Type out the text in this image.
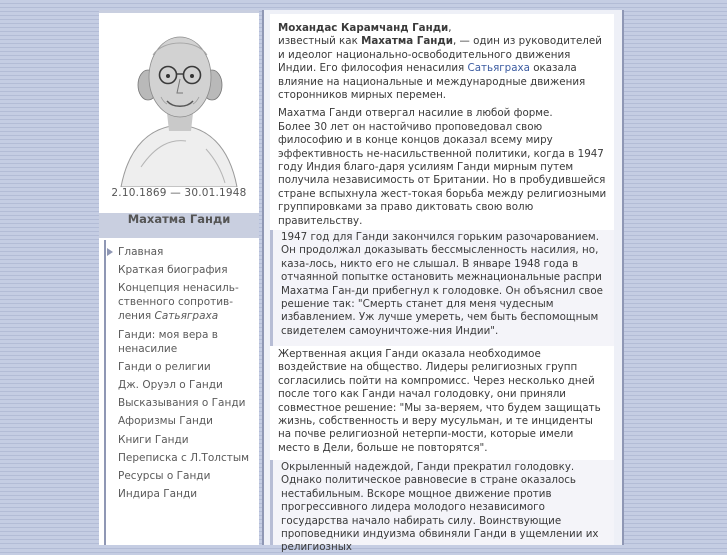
2.10.1869 — 30.01.1948
Махатма Ганди
Главная
Краткая биография
Концепция ненасиль-ственного сопротив-ления Сатьяграха
Ганди: моя вера в ненасилие
Ганди о религии
Дж. Оруэл о Ганди
Высказывания о Ганди
Афоризмы Ганди
Книги Ганди
Переписка с Л.Толстым
Ресурсы о Ганди
Индира Ганди

Мохандас Карамчанд Ганди,
известный как Махатма Ганди, — один из руководителей и идеолог национально-освободительного движения Индии. Его философия ненасилия Сатьяграха оказала влияние на национальные и международные движения сторонников мирных перемен.

Махатма Ганди отвергал насилие в любой форме.

Более 30 лет он настойчиво проповедовал свою философию и в конце концов доказал всему миру эффективность не-насильственной политики, когда в 1947 году Индия благо-даря усилиям Ганди мирным путем получила независимость от Британии. Но в пробудившейся стране вспыхнула жест-токая борьба между религиозными группировками за право диктовать свою волю правительству.

1947 год для Ганди закончился горьким разочарованием. Он продолжал доказывать бессмысленность насилия, но, каза-лось, никто его не слышал. В январе 1948 года в отчаянной попытке остановить межнациональные распри Махатма Ган-ди прибегнул к голодовке. Он объяснил свое решение так: "Смерть станет для меня чудесным избавлением. Уж лучше умереть, чем быть беспомощным свидетелем самоуничтоже-ния Индии".

Жертвенная акция Ганди оказала необходимое воздействие на общество. Лидеры религиозных групп согласились пойти на компромисс. Через несколько дней после того как Ганди начал голодовку, они приняли совместное решение: "Мы за-веряем, что будем защищать жизнь, собственность и веру мусульман, и те инциденты на почве религиозной нетерпи-мости, которые имели место в Дели, больше не повторятся".

Окрыленный надеждой, Ганди прекратил голодовку. Однако политическое равновесие в стране оказалось нестабильным. Вскоре мощное движение против прогрессивного лидера молодого независимого государства начало набирать силу. Воинствующие проповедники индуизма обвиняли Ганди в ущемлении их религиозных
